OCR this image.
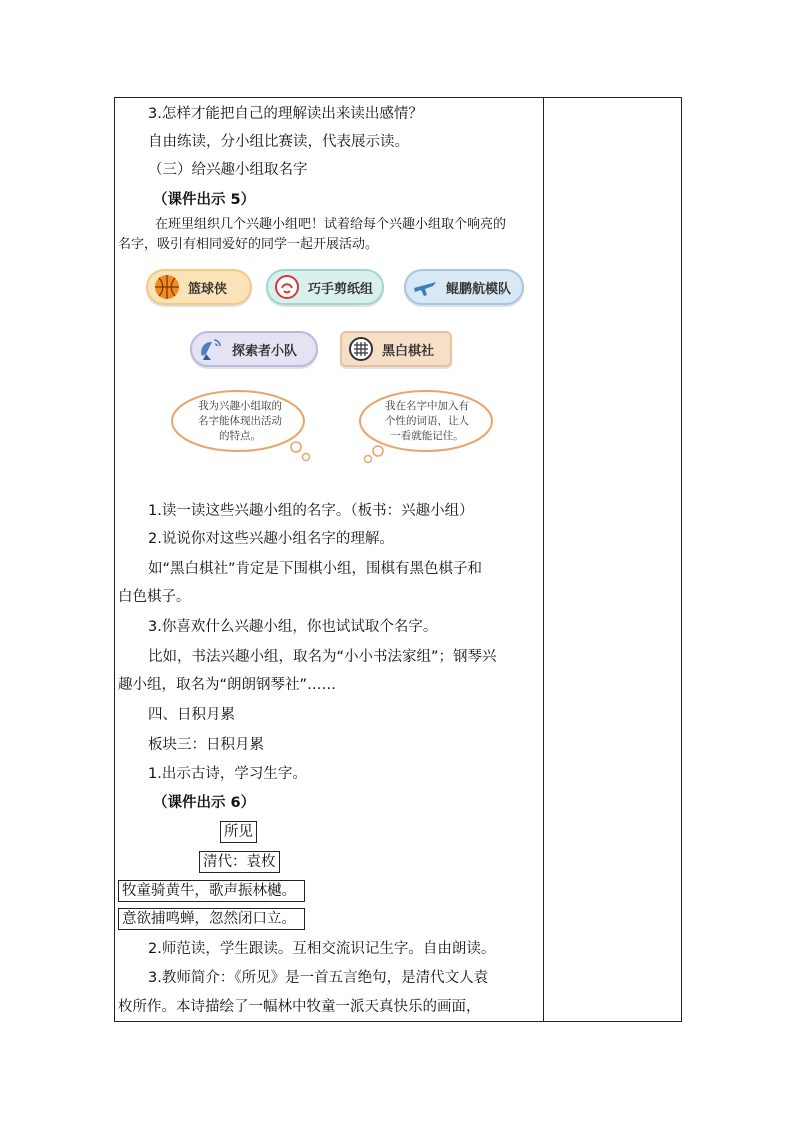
3.怎样才能把自己的理解读出来读出感情？
自由练读，分小组比赛读，代表展示读。
（三）给兴趣小组取名字
（课件出示 5）
在班里组织几个兴趣小组吧！试着给每个兴趣小组取个响亮的
名字，吸引有相同爱好的同学一起开展活动。
篮球侠	巧手剪纸组	鲲鹏航模队
探索者小队	黑白棋社
我为兴趣小组取的名字能体现出活动的特点。
我在名字中加入有个性的词语，让人一看就能记住。
1.读一读这些兴趣小组的名字。（板书：兴趣小组）
2.说说你对这些兴趣小组名字的理解。
如“黑白棋社”肯定是下围棋小组，围棋有黑色棋子和
白色棋子。
3.你喜欢什么兴趣小组，你也试试取个名字。
比如，书法兴趣小组，取名为“小小书法家组”；钢琴兴
趣小组，取名为“朗朗钢琴社”……
四、日积月累
板块三：日积月累
1.出示古诗，学习生字。
（课件出示 6）
所见
清代：袁枚
牧童骑黄牛，歌声振林樾。
意欲捕鸣蝉，忽然闭口立。
2.师范读，学生跟读。互相交流识记生字。自由朗读。
3.教师简介：《所见》是一首五言绝句，是清代文人袁
枚所作。本诗描绘了一幅林中牧童一派天真快乐的画面，
